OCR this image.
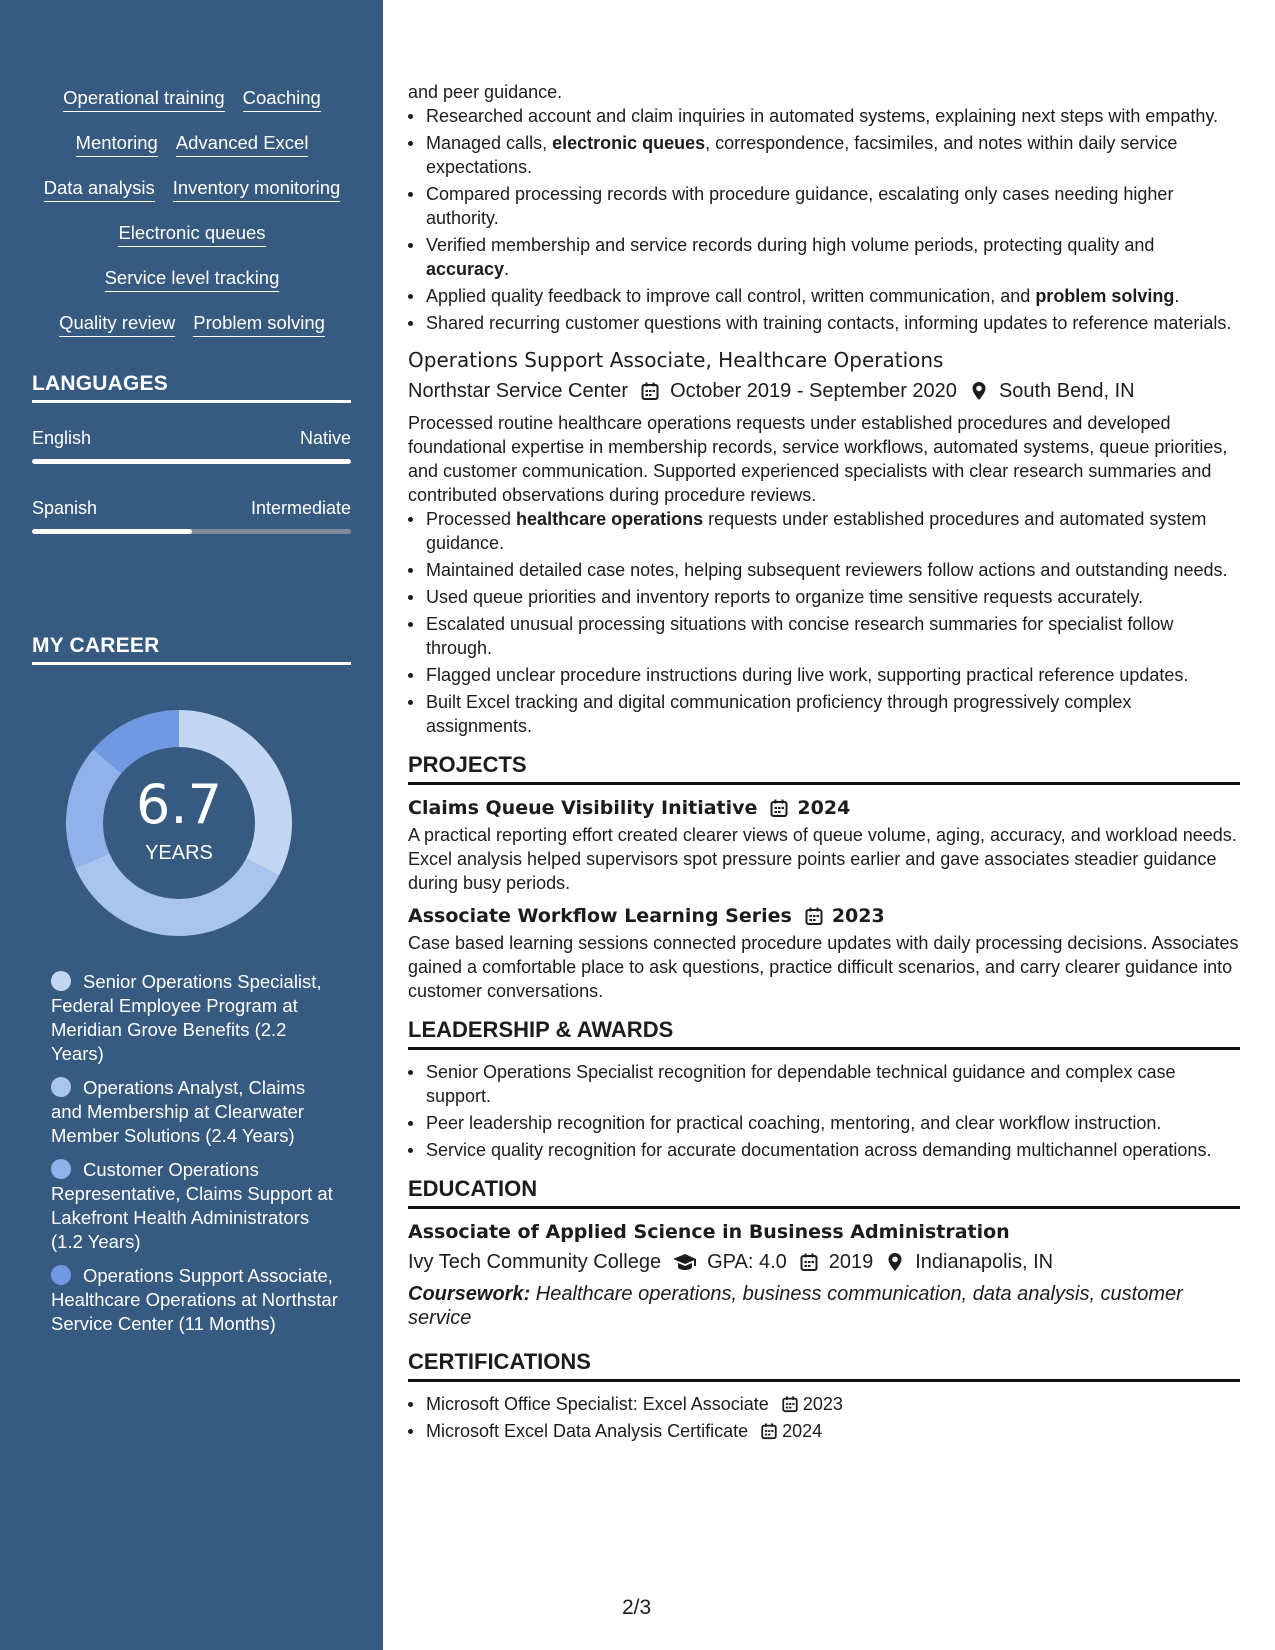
Operational training Coaching
Mentoring Advanced Excel
Data analysis Inventory monitoring
Electronic queues
Service level tracking
Quality review Problem solving
LANGUAGES
English	Native
Spanish	Intermediate
MY CAREER
6.7
YEARS
Senior Operations Specialist, Federal Employee Program at Meridian Grove Benefits (2.2 Years)
Operations Analyst, Claims and Membership at Clearwater Member Solutions (2.4 Years)
Customer Operations Representative, Claims Support at Lakefront Health Administrators (1.2 Years)
Operations Support Associate, Healthcare Operations at Northstar Service Center (11 Months)
and peer guidance.
Researched account and claim inquiries in automated systems, explaining next steps with empathy.
Managed calls, electronic queues, correspondence, facsimiles, and notes within daily service expectations.
Compared processing records with procedure guidance, escalating only cases needing higher authority.
Verified membership and service records during high volume periods, protecting quality and accuracy.
Applied quality feedback to improve call control, written communication, and problem solving.
Shared recurring customer questions with training contacts, informing updates to reference materials.
Operations Support Associate, Healthcare Operations
Northstar Service Center October 2019 - September 2020 South Bend, IN
Processed routine healthcare operations requests under established procedures and developed foundational expertise in membership records, service workflows, automated systems, queue priorities, and customer communication. Supported experienced specialists with clear research summaries and contributed observations during procedure reviews.
Processed healthcare operations requests under established procedures and automated system guidance.
Maintained detailed case notes, helping subsequent reviewers follow actions and outstanding needs.
Used queue priorities and inventory reports to organize time sensitive requests accurately.
Escalated unusual processing situations with concise research summaries for specialist follow through.
Flagged unclear procedure instructions during live work, supporting practical reference updates.
Built Excel tracking and digital communication proficiency through progressively complex assignments.
PROJECTS
Claims Queue Visibility Initiative 2024
A practical reporting effort created clearer views of queue volume, aging, accuracy, and workload needs. Excel analysis helped supervisors spot pressure points earlier and gave associates steadier guidance during busy periods.
Associate Workflow Learning Series 2023
Case based learning sessions connected procedure updates with daily processing decisions. Associates gained a comfortable place to ask questions, practice difficult scenarios, and carry clearer guidance into customer conversations.
LEADERSHIP & AWARDS
Senior Operations Specialist recognition for dependable technical guidance and complex case support.
Peer leadership recognition for practical coaching, mentoring, and clear workflow instruction.
Service quality recognition for accurate documentation across demanding multichannel operations.
EDUCATION
Associate of Applied Science in Business Administration
Ivy Tech Community College GPA: 4.0 2019 Indianapolis, IN
Coursework: Healthcare operations, business communication, data analysis, customer service
CERTIFICATIONS
Microsoft Office Specialist: Excel Associate 2023
Microsoft Excel Data Analysis Certificate 2024
2/3
